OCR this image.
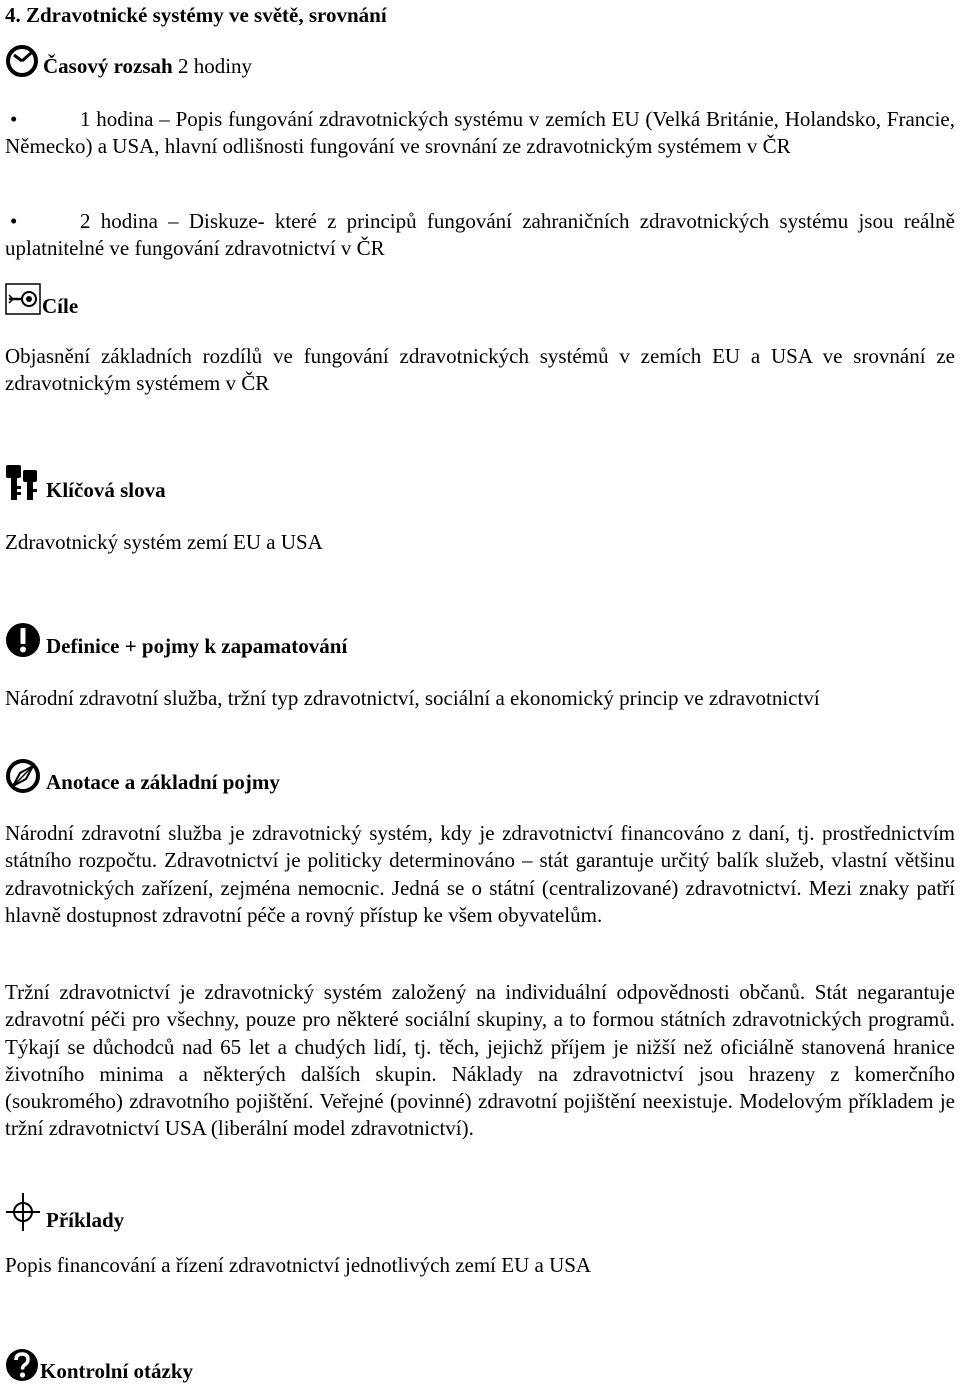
4. Zdravotnické systémy ve světě, srovnání
Časový rozsah 2 hodiny
•	1 hodina – Popis fungování zdravotnických systému v zemích EU (Velká Británie, Holandsko, Francie, Německo) a USA, hlavní odlišnosti fungování ve srovnání ze zdravotnickým systémem v ČR
•	2 hodina – Diskuze- které z principů fungování zahraničních zdravotnických systému jsou reálně uplatnitelné ve fungování zdravotnictví v ČR
Cíle
Objasnění základních rozdílů ve fungování zdravotnických systémů v zemích EU a USA ve srovnání ze zdravotnickým systémem v ČR
Klíčová slova
Zdravotnický systém zemí EU a USA
Definice + pojmy k zapamatování
Národní zdravotní služba, tržní typ zdravotnictví, sociální a ekonomický princip ve zdravotnictví
Anotace a základní pojmy
Národní zdravotní služba je zdravotnický systém, kdy je zdravotnictví financováno z daní, tj. prostřednictvím státního rozpočtu. Zdravotnictví je politicky determinováno – stát garantuje určitý balík služeb, vlastní většinu zdravotnických zařízení, zejména nemocnic. Jedná se o státní (centralizované) zdravotnictví. Mezi znaky patří hlavně dostupnost zdravotní péče a rovný přístup ke všem obyvatelům.
Tržní zdravotnictví je zdravotnický systém založený na individuální odpovědnosti občanů. Stát negarantuje zdravotní péči pro všechny, pouze pro některé sociální skupiny, a to formou státních zdravotnických programů. Týkají se důchodců nad 65 let a chudých lidí, tj. těch, jejichž příjem je nižší než oficiálně stanovená hranice životního minima a některých dalších skupin. Náklady na zdravotnictví jsou hrazeny z komerčního (soukromého) zdravotního pojištění. Veřejné (povinné) zdravotní pojištění neexistuje. Modelovým příkladem je tržní zdravotnictví USA (liberální model zdravotnictví).
Příklady
Popis financování a řízení zdravotnictví jednotlivých zemí EU a USA
Kontrolní otázky
